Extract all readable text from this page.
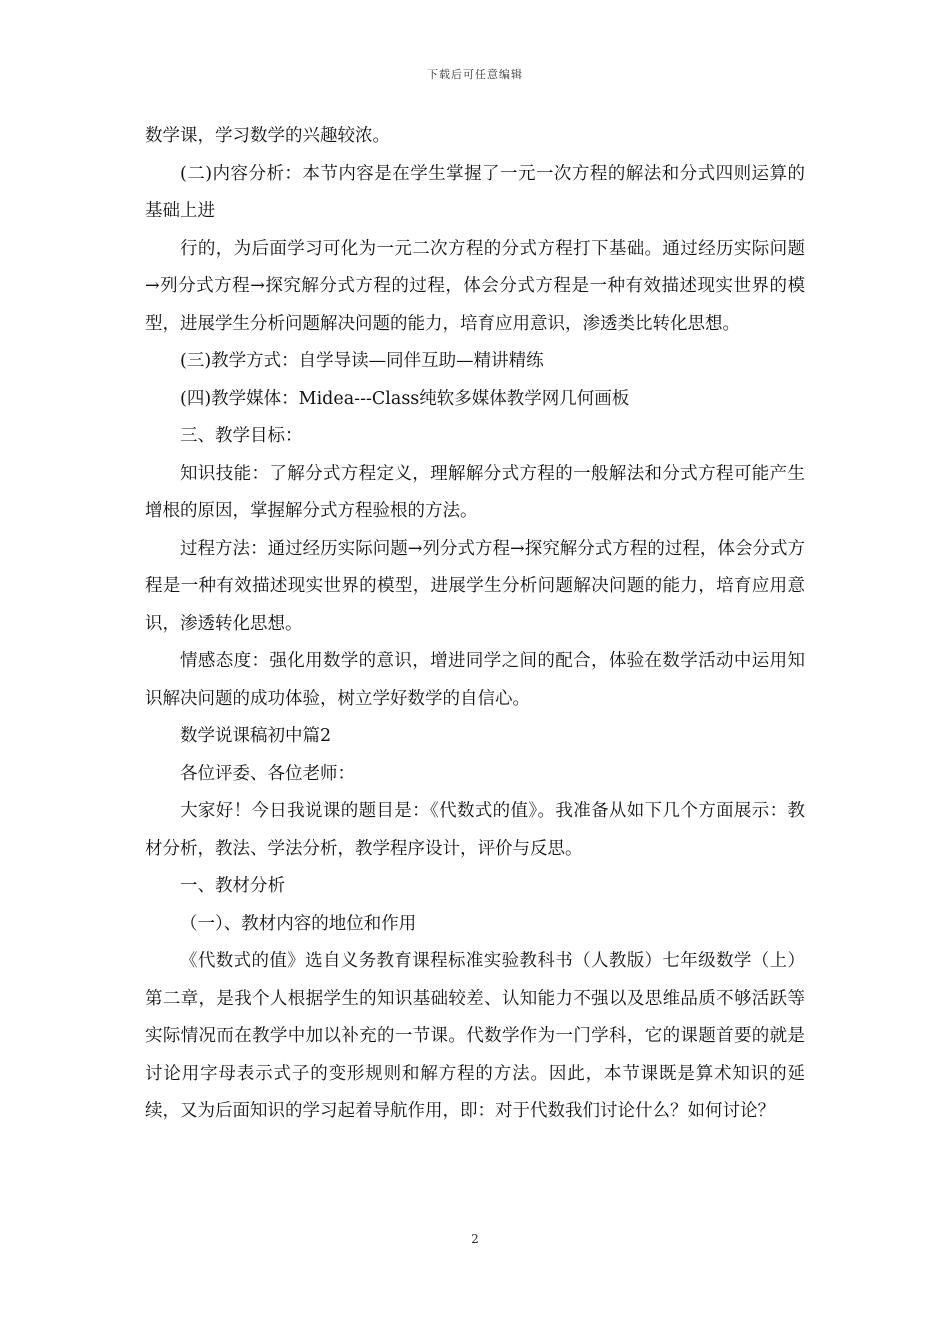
下载后可任意编辑

数学课，学习数学的兴趣较浓。

(二)内容分析：本节内容是在学生掌握了一元一次方程的解法和分式四则运算的基础上进

行的，为后面学习可化为一元二次方程的分式方程打下基础。通过经历实际问题→列分式方程→探究解分式方程的过程，体会分式方程是一种有效描述现实世界的模型，进展学生分析问题解决问题的能力，培育应用意识，渗透类比转化思想。

(三)教学方式：自学导读—同伴互助—精讲精练

(四)教学媒体：Midea---Class纯软多媒体教学网几何画板

三、教学目标：

知识技能：了解分式方程定义，理解解分式方程的一般解法和分式方程可能产生增根的原因，掌握解分式方程验根的方法。

过程方法：通过经历实际问题→列分式方程→探究解分式方程的过程，体会分式方程是一种有效描述现实世界的模型，进展学生分析问题解决问题的能力，培育应用意识，渗透转化思想。

情感态度：强化用数学的意识，增进同学之间的配合，体验在数学活动中运用知识解决问题的成功体验，树立学好数学的自信心。

数学说课稿初中篇2

各位评委、各位老师：

大家好！今日我说课的题目是：《代数式的值》。我准备从如下几个方面展示：教材分析，教法、学法分析，教学程序设计，评价与反思。

一、教材分析

（一）、教材内容的地位和作用

《代数式的值》选自义务教育课程标准实验教科书（人教版）七年级数学（上）第二章，是我个人根据学生的知识基础较差、认知能力不强以及思维品质不够活跃等实际情况而在教学中加以补充的一节课。代数学作为一门学科，它的课题首要的就是讨论用字母表示式子的变形规则和解方程的方法。因此，本节课既是算术知识的延续，又为后面知识的学习起着导航作用，即：对于代数我们讨论什么？如何讨论？

2
